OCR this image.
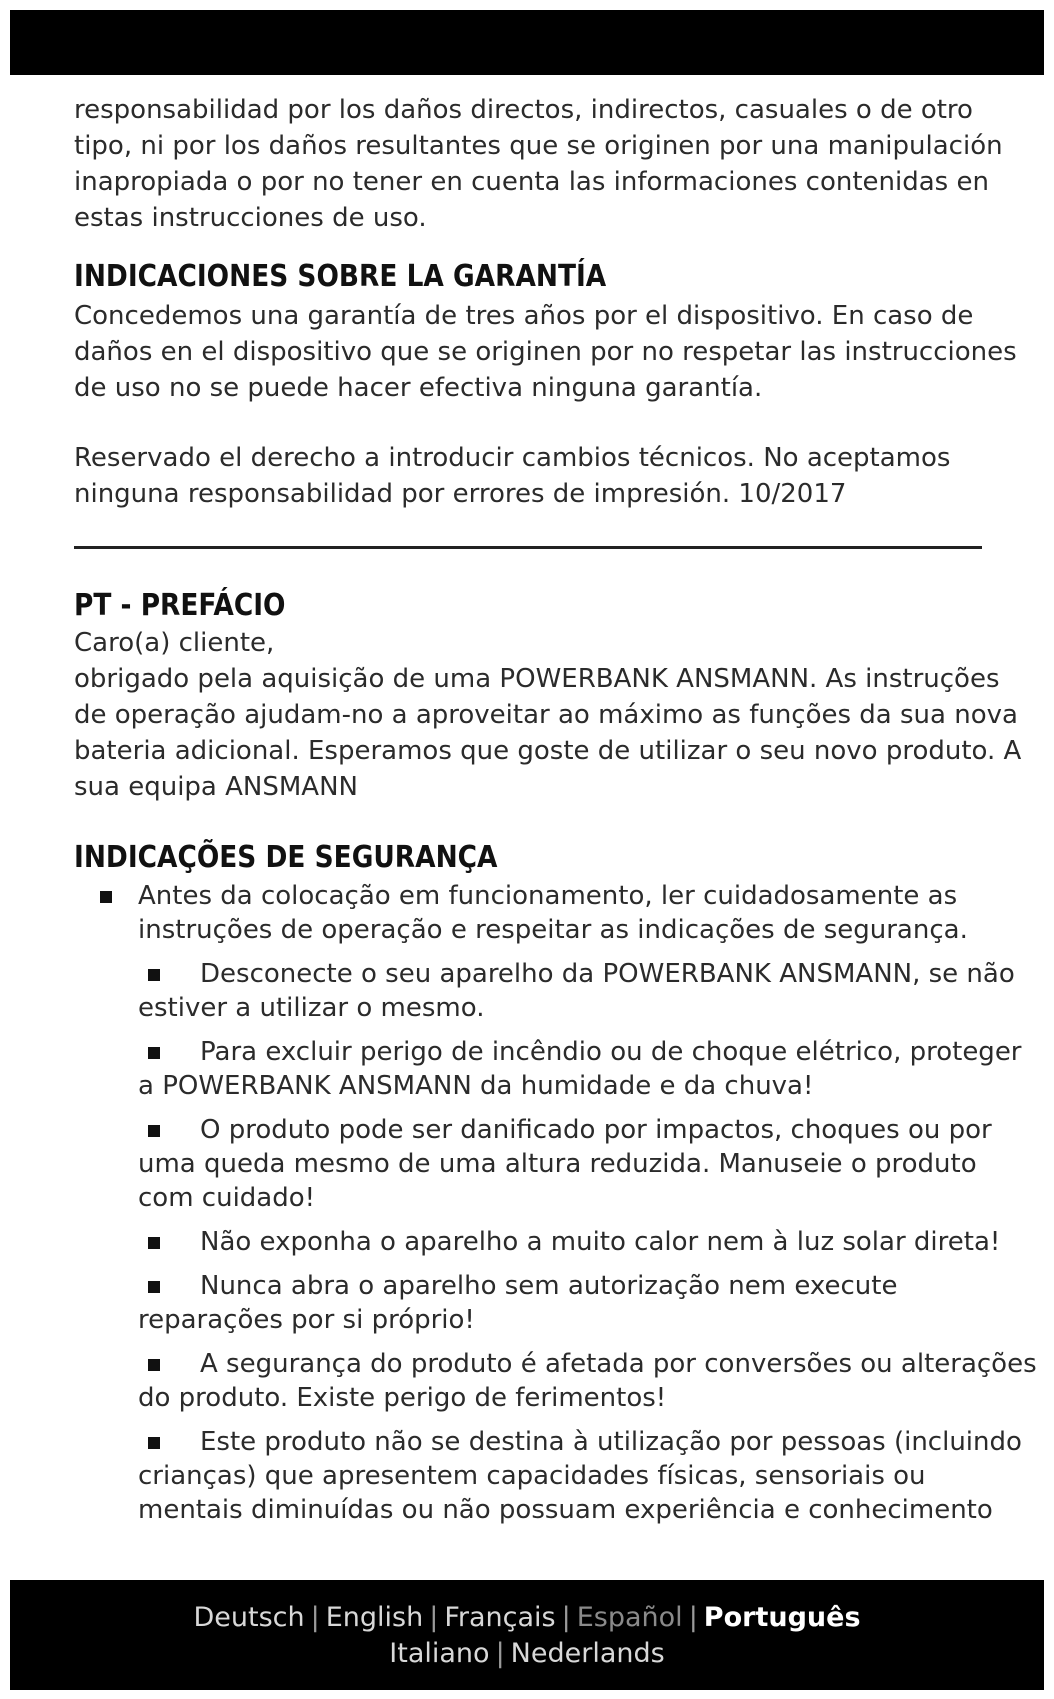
responsabilidad por los daños directos, indirectos, casuales o de otro tipo, ni por los daños resultantes que se originen por una manipulación inapropiada o por no tener en cuenta las informaciones contenidas en estas instrucciones de uso.

INDICACIONES SOBRE LA GARANTÍA

Concedemos una garantía de tres años por el dispositivo. En caso de daños en el dispositivo que se originen por no respetar las instrucciones de uso no se puede hacer efectiva ninguna garantía.

Reservado el derecho a introducir cambios técnicos. No aceptamos ninguna responsabilidad por errores de impresión. 10/2017

PT - PREFÁCIO

Caro(a) cliente,

obrigado pela aquisição de uma POWERBANK ANSMANN. As instruções de operação ajudam-no a aproveitar ao máximo as funções da sua nova bateria adicional. Esperamos que goste de utilizar o seu novo produto. A sua equipa ANSMANN

INDICAÇÕES DE SEGURANÇA
Antes da colocação em funcionamento, ler cuidadosamente as instruções de operação e respeitar as indicações de segurança.
Desconecte o seu aparelho da POWERBANK ANSMANN, se não estiver a utilizar o mesmo.
Para excluir perigo de incêndio ou de choque elétrico, proteger a POWERBANK ANSMANN da humidade e da chuva!
O produto pode ser danificado por impactos, choques ou por uma queda mesmo de uma altura reduzida. Manuseie o produto com cuidado!
Não exponha o aparelho a muito calor nem à luz solar direta!
Nunca abra o aparelho sem autorização nem execute reparações por si próprio!
A segurança do produto é afetada por conversões ou alterações do produto. Existe perigo de ferimentos!
Este produto não se destina à utilização por pessoas (incluindo crianças) que apresentem capacidades físicas, sensoriais ou mentais diminuídas ou não possuam experiência e conhecimento
Deutsch | English | Français | Español | Português
Italiano | Nederlands
